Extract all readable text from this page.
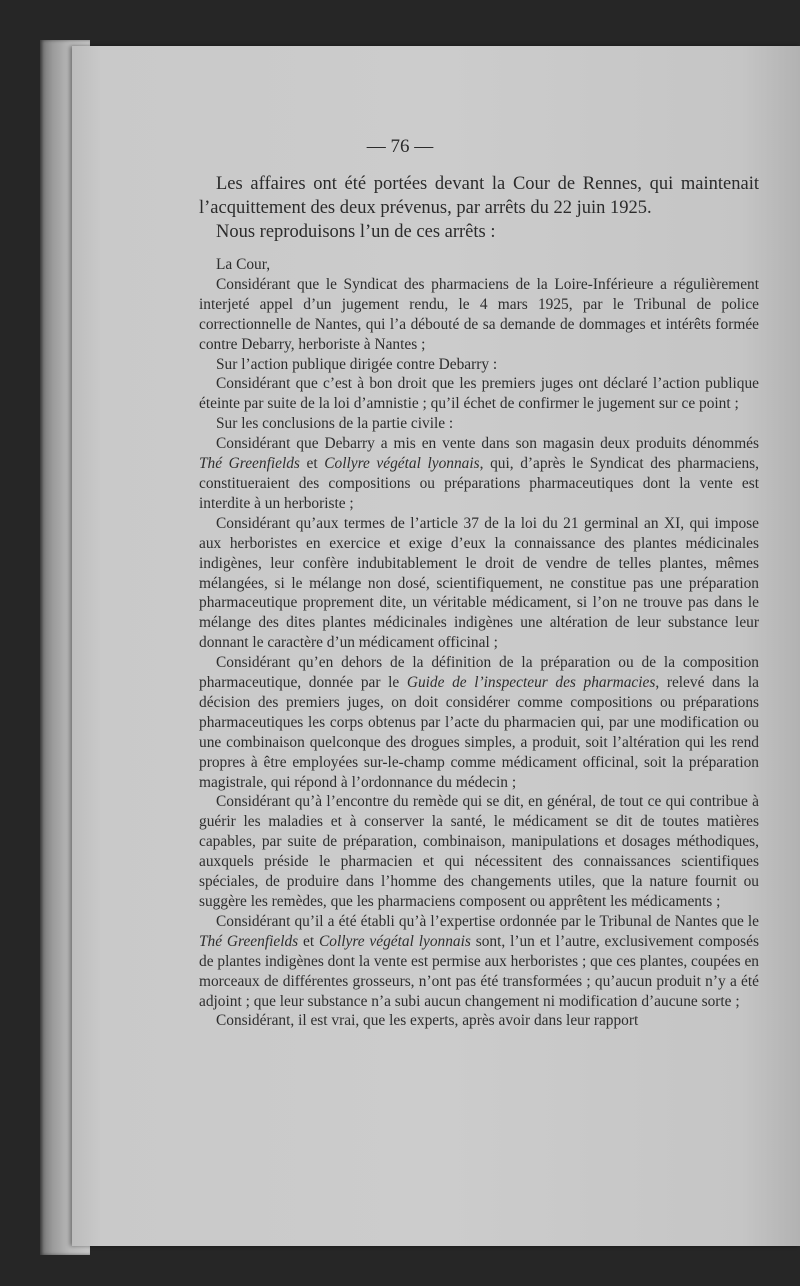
— 76 —

Les affaires ont été portées devant la Cour de Rennes, qui maintenait l’acquittement des deux prévenus, par arrêts du 22 juin 1925.

Nous reproduisons l’un de ces arrêts :

La Cour,

Considérant que le Syndicat des pharmaciens de la Loire-Inférieure a régulièrement interjeté appel d’un jugement rendu, le 4 mars 1925, par le Tribunal de police correctionnelle de Nantes, qui l’a débouté de sa demande de dommages et intérêts formée contre Debarry, herboriste à Nantes ;

Sur l’action publique dirigée contre Debarry :

Considérant que c’est à bon droit que les premiers juges ont déclaré l’action publique éteinte par suite de la loi d’amnistie ; qu’il échet de confirmer le jugement sur ce point ;

Sur les conclusions de la partie civile :

Considérant que Debarry a mis en vente dans son magasin deux produits dénommés Thé Greenfields et Collyre végétal lyonnais, qui, d’après le Syndicat des pharmaciens, constitueraient des compositions ou préparations pharmaceutiques dont la vente est interdite à un herboriste ;

Considérant qu’aux termes de l’article 37 de la loi du 21 germinal an XI, qui impose aux herboristes en exercice et exige d’eux la connaissance des plantes médicinales indigènes, leur confère indubitablement le droit de vendre de telles plantes, mêmes mélangées, si le mélange non dosé, scientifiquement, ne constitue pas une préparation pharmaceutique proprement dite, un véritable médicament, si l’on ne trouve pas dans le mélange des dites plantes médicinales indigènes une altération de leur substance leur donnant le caractère d’un médicament officinal ;

Considérant qu’en dehors de la définition de la préparation ou de la composition pharmaceutique, donnée par le Guide de l’inspecteur des pharmacies, relevé dans la décision des premiers juges, on doit considérer comme compositions ou préparations pharmaceutiques les corps obtenus par l’acte du pharmacien qui, par une modification ou une combinaison quelconque des drogues simples, a produit, soit l’altération qui les rend propres à être employées sur-le-champ comme médicament officinal, soit la préparation magistrale, qui répond à l’ordonnance du médecin ;

Considérant qu’à l’encontre du remède qui se dit, en général, de tout ce qui contribue à guérir les maladies et à conserver la santé, le médicament se dit de toutes matières capables, par suite de préparation, combinaison, manipulations et dosages méthodiques, auxquels préside le pharmacien et qui nécessitent des connaissances scientifiques spéciales, de produire dans l’homme des changements utiles, que la nature fournit ou suggère les remèdes, que les pharmaciens composent ou apprêtent les médicaments ;

Considérant qu’il a été établi qu’à l’expertise ordonnée par le Tribunal de Nantes que le Thé Greenfields et Collyre végétal lyonnais sont, l’un et l’autre, exclusivement composés de plantes indigènes dont la vente est permise aux herboristes ; que ces plantes, coupées en morceaux de différentes grosseurs, n’ont pas été transformées ; qu’aucun produit n’y a été adjoint ; que leur substance n’a subi aucun changement ni modification d’aucune sorte ;

Considérant, il est vrai, que les experts, après avoir dans leur rapport
